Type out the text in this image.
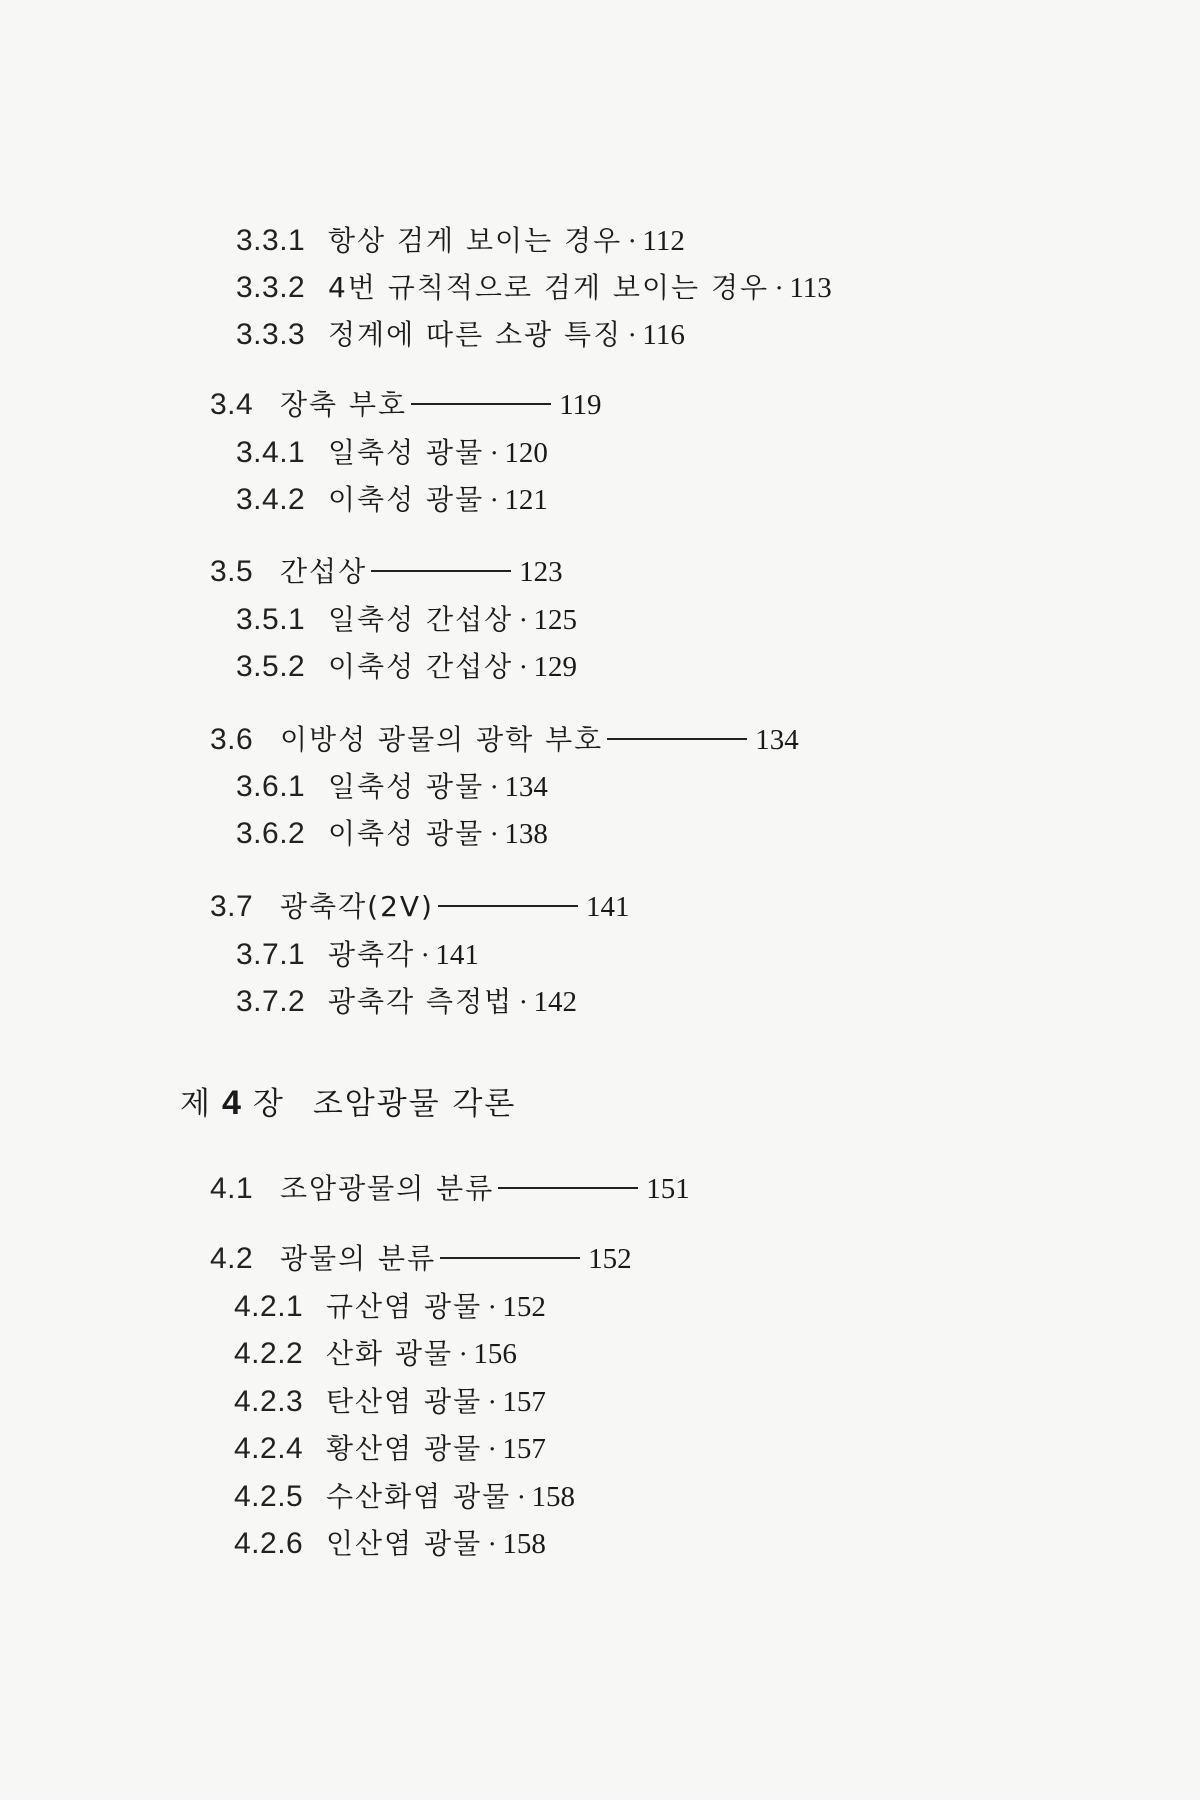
3.3.1 항상 검게 보이는 경우 · 112
3.3.2 4번 규칙적으로 검게 보이는 경우 · 113
3.3.3 정계에 따른 소광 특징 · 116
3.4 장축 부호	119
3.4.1 일축성 광물 · 120
3.4.2 이축성 광물 · 121
3.5 간섭상	123
3.5.1 일축성 간섭상 · 125
3.5.2 이축성 간섭상 · 129
3.6 이방성 광물의 광학 부호	134
3.6.1 일축성 광물 · 134
3.6.2 이축성 광물 · 138
3.7 광축각(2V)	141
3.7.1 광축각 · 141
3.7.2 광축각 측정법 · 142
제 4 장 조암광물 각론
4.1 조암광물의 분류	151
4.2 광물의 분류	152
4.2.1 규산염 광물 · 152
4.2.2 산화 광물 · 156
4.2.3 탄산염 광물 · 157
4.2.4 황산염 광물 · 157
4.2.5 수산화염 광물 · 158
4.2.6 인산염 광물 · 158
